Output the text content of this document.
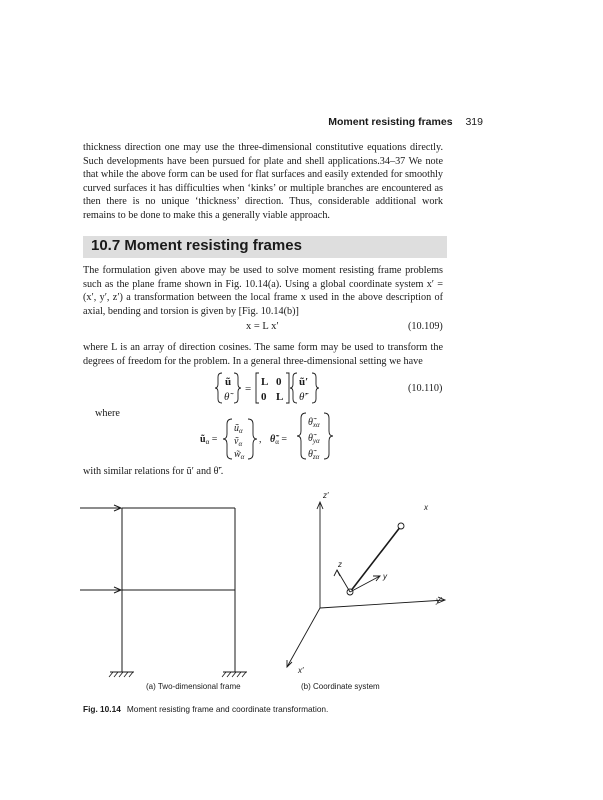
Moment resisting frames 319
thickness direction one may use the three-dimensional constitutive equations directly. Such developments have been pursued for plate and shell applications.34–37 We note that while the above form can be used for flat surfaces and easily extended for smoothly curved surfaces it has difficulties when ‘kinks’ or multiple branches are encountered as then there is no unique ‘thickness’ direction. Thus, considerable additional work remains to be done to make this a generally viable approach.
10.7 Moment resisting frames
The formulation given above may be used to solve moment resisting frame problems such as the plane frame shown in Fig. 10.14(a). Using a global coordinate system x′ = (x′, y′, z′) a transformation between the local frame x used in the above description of axial, bending and torsion is given by [Fig. 10.14(b)]
x = L x′	(10.109)
where L is an array of direction cosines. The same form may be used to transform the degrees of freedom for the problem. In a general three-dimensional setting we have
ũ
θ̃
=
L 0
0 L
ũ′
θ̃′
$ũ_\alpha$ =
$ũ_\alpha$
ṽ$_\alpha$
$w̃_\alpha$
, $\thetã_\alpha$ =
$\thetã_{x\alpha}$
$\thetã_{y\alpha}$
$\thetã_{z\alpha}$
where
(10.110)
with similar relations for ũ′ and θ̃′.
z′
y′
x′
x
y
z
(a) Two-dimensional frame	(b) Coordinate system
Fig. 10.14 Moment resisting frame and coordinate transformation.
